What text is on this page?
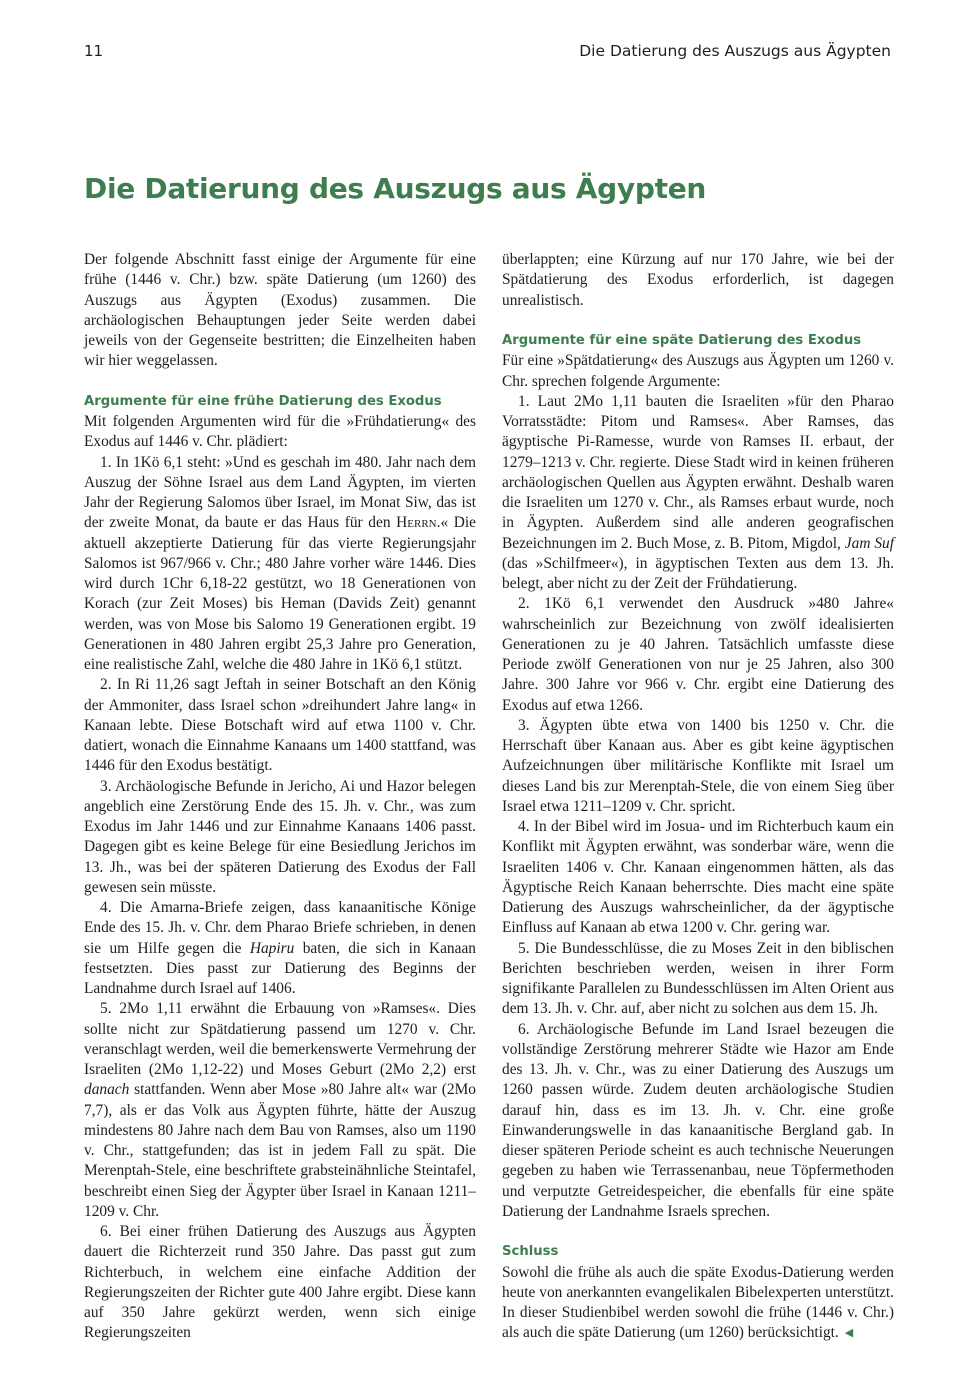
11	Die Datierung des Auszugs aus Ägypten
Die Datierung des Auszugs aus Ägypten

Der folgende Abschnitt fasst einige der Argumente für eine frühe (1446 v. Chr.) bzw. späte Datierung (um 1260) des Auszugs aus Ägypten (Exodus) zusammen. Die archäologischen Behauptungen jeder Seite werden dabei jeweils von der Gegenseite bestritten; die Einzelheiten haben wir hier weggelassen.

Argumente für eine frühe Datierung des Exodus

Mit folgenden Argumenten wird für die »Frühdatierung« des Exodus auf 1446 v. Chr. plädiert:

1. In 1Kö 6,1 steht: »Und es geschah im 480. Jahr nach dem Auszug der Söhne Israel aus dem Land Ägypten, im vierten Jahr der Regierung Salomos über Israel, im Monat Siw, das ist der zweite Monat, da baute er das Haus für den Herrn.« Die aktuell akzeptierte Datierung für das vierte Regierungsjahr Salomos ist 967/966 v. Chr.; 480 Jahre vorher wäre 1446. Dies wird durch 1Chr 6,18-22 gestützt, wo 18 Generationen von Korach (zur Zeit Moses) bis Heman (Davids Zeit) genannt werden, was von Mose bis Salomo 19 Generationen ergibt. 19 Generationen in 480 Jahren ergibt 25,3 Jahre pro Generation, eine realistische Zahl, welche die 480 Jahre in 1Kö 6,1 stützt.

2. In Ri 11,26 sagt Jeftah in seiner Botschaft an den König der Ammoniter, dass Israel schon »dreihundert Jahre lang« in Kanaan lebte. Diese Botschaft wird auf etwa 1100 v. Chr. datiert, wonach die Einnahme Kanaans um 1400 stattfand, was 1446 für den Exodus bestätigt.

3. Archäologische Befunde in Jericho, Ai und Hazor belegen angeblich eine Zerstörung Ende des 15. Jh. v. Chr., was zum Exodus im Jahr 1446 und zur Einnahme Kanaans 1406 passt. Dagegen gibt es keine Belege für eine Besiedlung Jerichos im 13. Jh., was bei der späteren Datierung des Exodus der Fall gewesen sein müsste.

4. Die Amarna-Briefe zeigen, dass kanaanitische Könige Ende des 15. Jh. v. Chr. dem Pharao Briefe schrieben, in denen sie um Hilfe gegen die Hapiru baten, die sich in Kanaan festsetzten. Dies passt zur Datierung des Beginns der Landnahme durch Israel auf 1406.

5. 2Mo 1,11 erwähnt die Erbauung von »Ramses«. Dies sollte nicht zur Spätdatierung passend um 1270 v. Chr. veranschlagt werden, weil die bemerkenswerte Vermehrung der Israeliten (2Mo 1,12-22) und Moses Geburt (2Mo 2,2) erst danach stattfanden. Wenn aber Mose »80 Jahre alt« war (2Mo 7,7), als er das Volk aus Ägypten führte, hätte der Auszug mindestens 80 Jahre nach dem Bau von Ramses, also um 1190 v. Chr., stattgefunden; das ist in jedem Fall zu spät. Die Merenptah-Stele, eine beschriftete grabsteinähnliche Steintafel, beschreibt einen Sieg der Ägypter über Israel in Kanaan 1211–1209 v. Chr.

6. Bei einer frühen Datierung des Auszugs aus Ägypten dauert die Richterzeit rund 350 Jahre. Das passt gut zum Richterbuch, in welchem eine einfache Addition der Regierungszeiten der Richter gute 400 Jahre ergibt. Diese kann auf 350 Jahre gekürzt werden, wenn sich einige Regierungszeiten

überlappten; eine Kürzung auf nur 170 Jahre, wie bei der Spätdatierung des Exodus erforderlich, ist dagegen unrealistisch.

Argumente für eine späte Datierung des Exodus

Für eine »Spätdatierung« des Auszugs aus Ägypten um 1260 v. Chr. sprechen folgende Argumente:

1. Laut 2Mo 1,11 bauten die Israeliten »für den Pharao Vorratsstädte: Pitom und Ramses«. Aber Ramses, das ägyptische Pi-Ramesse, wurde von Ramses II. erbaut, der 1279–1213 v. Chr. regierte. Diese Stadt wird in keinen früheren archäologischen Quellen aus Ägypten erwähnt. Deshalb waren die Israeliten um 1270 v. Chr., als Ramses erbaut wurde, noch in Ägypten. Außerdem sind alle anderen geografischen Bezeichnungen im 2. Buch Mose, z. B. Pitom, Migdol, Jam Suf (das »Schilfmeer«), in ägyptischen Texten aus dem 13. Jh. belegt, aber nicht zu der Zeit der Frühdatierung.

2. 1Kö 6,1 verwendet den Ausdruck »480 Jahre« wahrscheinlich zur Bezeichnung von zwölf idealisierten Generationen zu je 40 Jahren. Tatsächlich umfasste diese Periode zwölf Generationen von nur je 25 Jahren, also 300 Jahre. 300 Jahre vor 966 v. Chr. ergibt eine Datierung des Exodus auf etwa 1266.

3. Ägypten übte etwa von 1400 bis 1250 v. Chr. die Herrschaft über Kanaan aus. Aber es gibt keine ägyptischen Aufzeichnungen über militärische Konflikte mit Israel um dieses Land bis zur Merenptah-Stele, die von einem Sieg über Israel etwa 1211–1209 v. Chr. spricht.

4. In der Bibel wird im Josua- und im Richterbuch kaum ein Konflikt mit Ägypten erwähnt, was sonderbar wäre, wenn die Israeliten 1406 v. Chr. Kanaan eingenommen hätten, als das Ägyptische Reich Kanaan beherrschte. Dies macht eine späte Datierung des Auszugs wahrscheinlicher, da der ägyptische Einfluss auf Kanaan ab etwa 1200 v. Chr. gering war.

5. Die Bundesschlüsse, die zu Moses Zeit in den biblischen Berichten beschrieben werden, weisen in ihrer Form signifikante Parallelen zu Bundesschlüssen im Alten Orient aus dem 13. Jh. v. Chr. auf, aber nicht zu solchen aus dem 15. Jh.

6. Archäologische Befunde im Land Israel bezeugen die vollständige Zerstörung mehrerer Städte wie Hazor am Ende des 13. Jh. v. Chr., was zu einer Datierung des Auszugs um 1260 passen würde. Zudem deuten archäologische Studien darauf hin, dass es im 13. Jh. v. Chr. eine große Einwanderungswelle in das kanaanitische Bergland gab. In dieser späteren Periode scheint es auch technische Neuerungen gegeben zu haben wie Terrassenanbau, neue Töpfermethoden und verputzte Getreidespeicher, die ebenfalls für eine späte Datierung der Landnahme Israels sprechen.

Schluss

Sowohl die frühe als auch die späte Exodus-Datierung werden heute von anerkannten evangelikalen Bibelexperten unterstützt. In dieser Studienbibel werden sowohl die frühe (1446 v. Chr.) als auch die späte Datierung (um 1260) berücksichtigt. ◀
